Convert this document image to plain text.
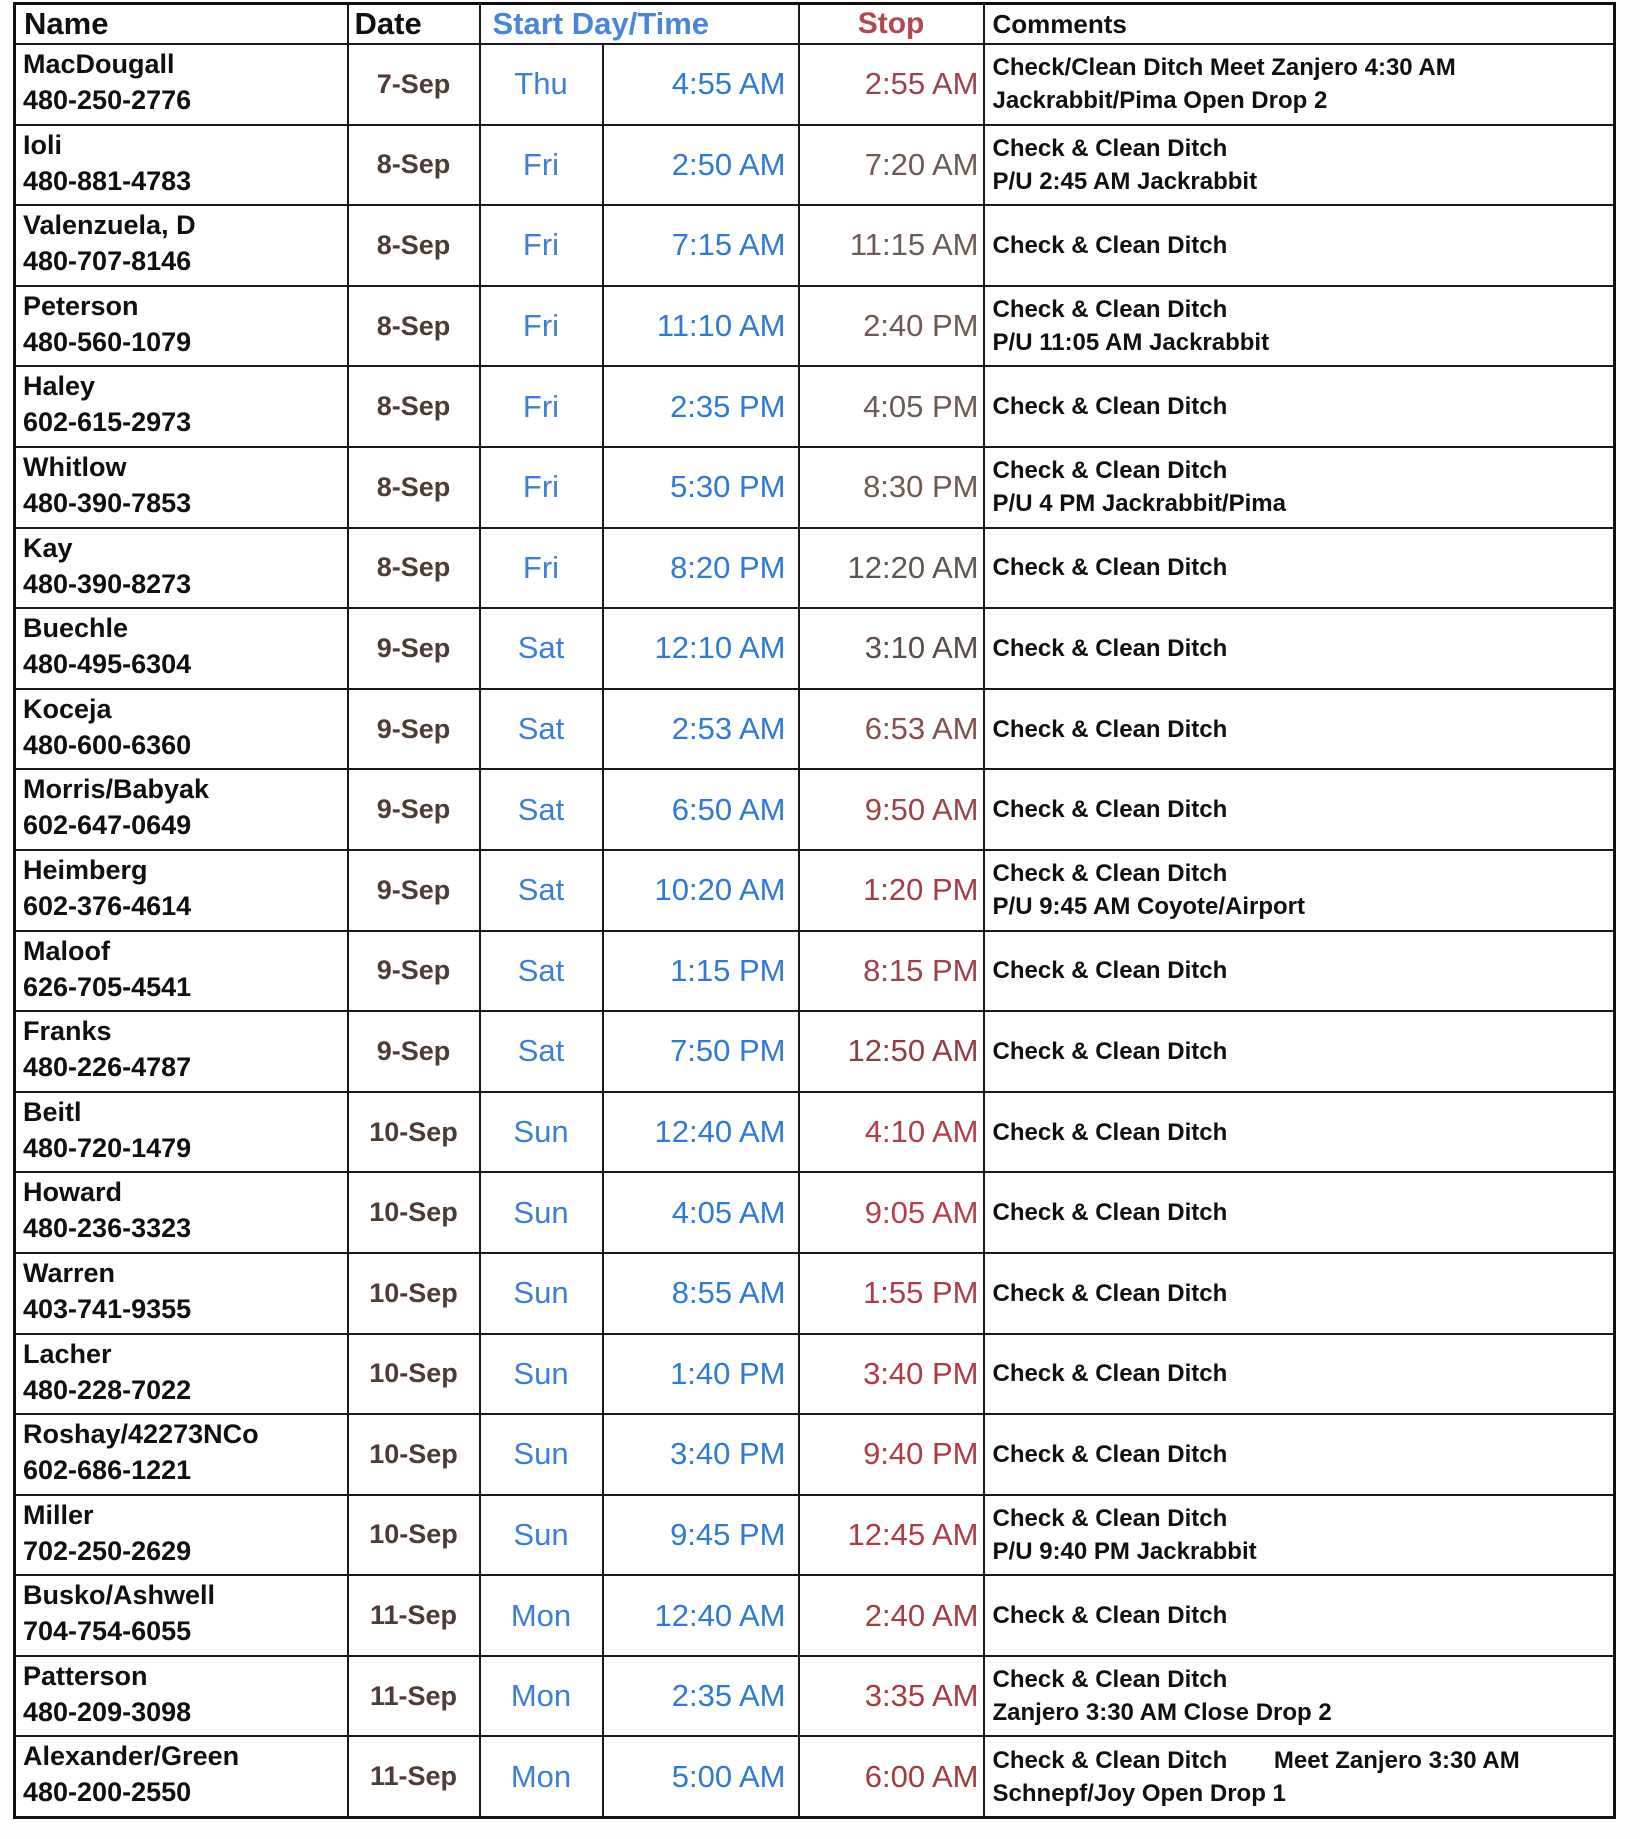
Name	Date	Start Day/Time		Stop	Comments

MacDougall
480-250-2776
	7-Sep	Thu	4:55 AM	2:55 AM	Check/Clean Ditch Meet Zanjero 4:30 AM
Jackrabbit/Pima Open Drop 2

Ioli
480-881-4783
	8-Sep	Fri	2:50 AM	7:20 AM	Check & Clean Ditch
P/U 2:45 AM Jackrabbit

Valenzuela, D
480-707-8146	8-Sep	Fri	7:15 AM	11:15 AM	Check & Clean Ditch

Peterson
480-560-1079
	8-Sep	Fri	11:10 AM	2:40 PM	Check & Clean Ditch
P/U 11:05 AM Jackrabbit

Haley
602-615-2973	8-Sep	Fri	2:35 PM	4:05 PM	Check & Clean Ditch

Whitlow
480-390-7853
	8-Sep	Fri	5:30 PM	8:30 PM	Check & Clean Ditch
P/U 4 PM Jackrabbit/Pima

Kay
480-390-8273	8-Sep	Fri	8:20 PM	12:20 AM	Check & Clean Ditch

Buechle
480-495-6304	9-Sep	Sat	12:10 AM	3:10 AM	Check & Clean Ditch

Koceja
480-600-6360	9-Sep	Sat	2:53 AM	6:53 AM	Check & Clean Ditch

Morris/Babyak
602-647-0649	9-Sep	Sat	6:50 AM	9:50 AM	Check & Clean Ditch

Heimberg
602-376-4614
	9-Sep	Sat	10:20 AM	1:20 PM	Check & Clean Ditch
P/U 9:45 AM Coyote/Airport

Maloof
626-705-4541	9-Sep	Sat	1:15 PM	8:15 PM	Check & Clean Ditch

Franks
480-226-4787	9-Sep	Sat	7:50 PM	12:50 AM	Check & Clean Ditch

Beitl
480-720-1479	10-Sep	Sun	12:40 AM	4:10 AM	Check & Clean Ditch

Howard
480-236-3323	10-Sep	Sun	4:05 AM	9:05 AM	Check & Clean Ditch

Warren
403-741-9355	10-Sep	Sun	8:55 AM	1:55 PM	Check & Clean Ditch

Lacher
480-228-7022	10-Sep	Sun	1:40 PM	3:40 PM	Check & Clean Ditch

Roshay/42273NCo
602-686-1221	10-Sep	Sun	3:40 PM	9:40 PM	Check & Clean Ditch

Miller
702-250-2629
	10-Sep	Sun	9:45 PM	12:45 AM	Check & Clean Ditch
P/U 9:40 PM Jackrabbit

Busko/Ashwell
704-754-6055	11-Sep	Mon	12:40 AM	2:40 AM	Check & Clean Ditch

Patterson
480-209-3098
	11-Sep	Mon	2:35 AM	3:35 AM	Check & Clean Ditch
Zanjero 3:30 AM Close Drop 2

Alexander/Green
480-200-2550
	11-Sep	Mon	5:00 AM	6:00 AM	Check & Clean Ditch       Meet Zanjero 3:30 AM
Schnepf/Joy Open Drop 1
